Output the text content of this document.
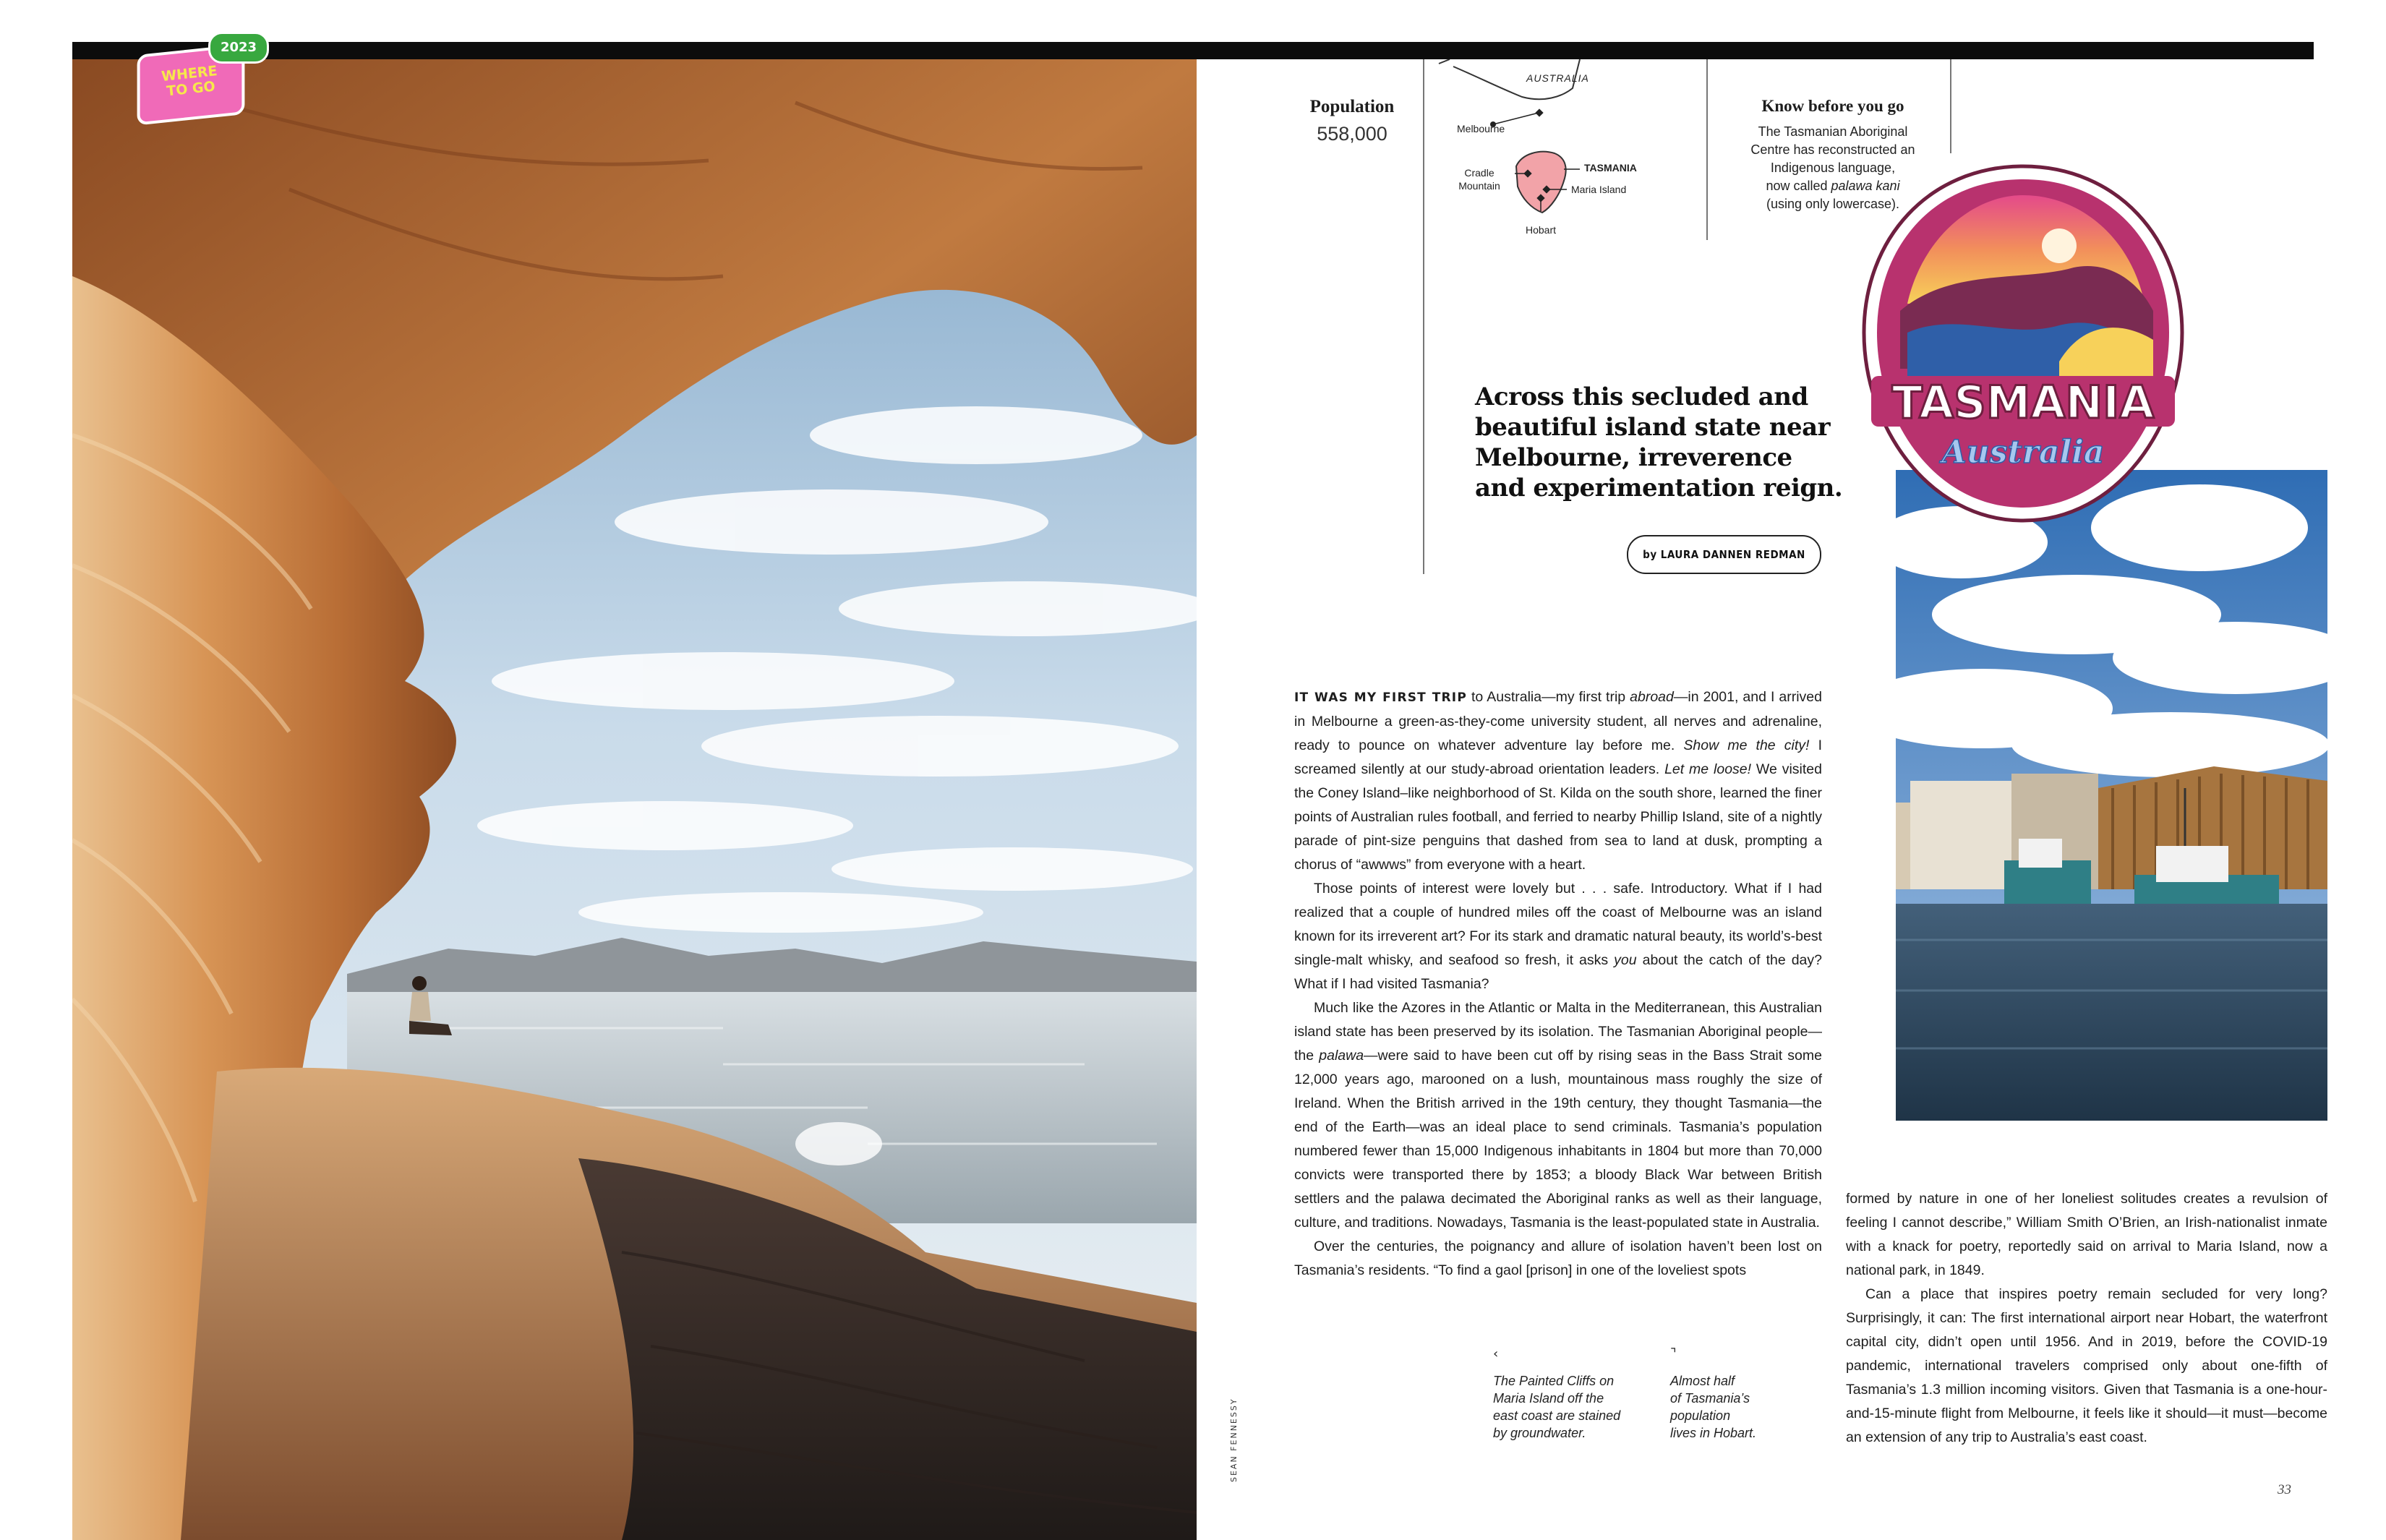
WHERE
TO GO
2023
SEAN FENNESSY
Population
558,000
AUSTRALIA
Melbourne
Cradle
Mountain
TASMANIA
Maria Island
Hobart
Know before you go
The Tasmanian Aboriginal
Centre has reconstructed an
Indigenous language,
now called palawa kani
(using only lowercase).
Across this secluded and
beautiful island state near
Melbourne, irreverence
and experimentation reign.
by LAURA DANNEN REDMAN
TASMANIA
Australia

IT WAS MY FIRST TRIP to Australia—my first trip abroad—in 2001, and I arrived in Melbourne a green-as-they-come university student, all nerves and adrenaline, ready to pounce on whatever adventure lay before me. Show me the city! I screamed silently at our study-abroad orientation leaders. Let me loose! We visited the Coney Island–like neighborhood of St. Kilda on the south shore, learned the finer points of Australian rules football, and ferried to nearby Phillip Island, site of a nightly parade of pint-size penguins that dashed from sea to land at dusk, prompting a chorus of “awwws” from everyone with a heart.

Those points of interest were lovely but . . . safe. Introductory. What if I had realized that a couple of hundred miles off the coast of Melbourne was an island known for its irreverent art? For its stark and dramatic natural beauty, its world’s-best single-malt whisky, and seafood so fresh, it asks you about the catch of the day? What if I had visited Tasmania?

Much like the Azores in the Atlantic or Malta in the Mediterranean, this Australian island state has been preserved by its isolation. The Tasmanian Aboriginal people—the palawa—were said to have been cut off by rising seas in the Bass Strait some 12,000 years ago, marooned on a lush, mountainous mass roughly the size of Ireland. When the British arrived in the 19th century, they thought Tasmania—the end of the Earth—was an ideal place to send criminals. Tasmania’s population numbered fewer than 15,000 Indigenous inhabitants in 1804 but more than 70,000 convicts were transported there by 1853; a bloody Black War between British settlers and the palawa decimated the Aboriginal ranks as well as their language, culture, and traditions. Nowadays, Tasmania is the least-populated state in Australia.

Over the centuries, the poignancy and allure of isolation haven’t been lost on Tasmania’s residents. “To find a gaol [prison] in one of the loveliest spots

formed by nature in one of her loneliest solitudes creates a revulsion of feeling I cannot describe,” William Smith O’Brien, an Irish-nationalist inmate with a knack for poetry, reportedly said on arrival to Maria Island, now a national park, in 1849.

Can a place that inspires poetry remain secluded for very long? Surprisingly, it can: The first international airport near Hobart, the waterfront capital city, didn’t open until 1956. And in 2019, before the COVID-19 pandemic, international travelers comprised only about one-fifth of Tasmania’s 1.3 million incoming visitors. Given that Tasmania is a one-hour-and-15-minute flight from Melbourne, it feels like it should—it must—become an extension of any trip to Australia’s east coast.

‹
The Painted Cliffs on
Maria Island off the
east coast are stained
by groundwater.
⌝
Almost half
of Tasmania’s
population
lives in Hobart.
33
